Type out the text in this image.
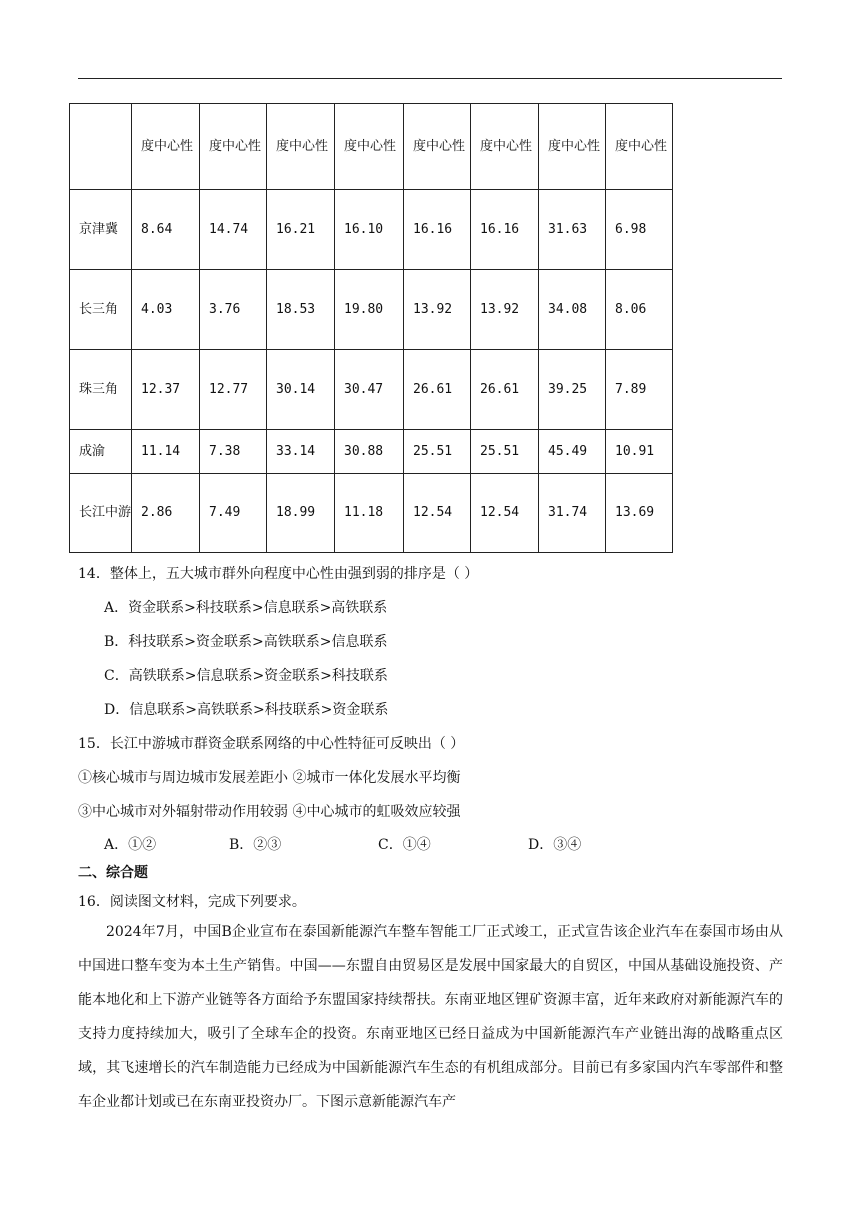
	度中心性	度中心性	度中心性	度中心性	度中心性	度中心性	度中心性	度中心性
京津冀	8.64	14.74	16.21	16.10	16.16	16.16	31.63	6.98
长三角	4.03	3.76	18.53	19.80	13.92	13.92	34.08	8.06
珠三角	12.37	12.77	30.14	30.47	26.61	26.61	39.25	7.89
成渝	11.14	7.38	33.14	30.88	25.51	25.51	45.49	10.91
长江中游	2.86	7.49	18.99	11.18	12.54	12.54	31.74	13.69
14．整体上，五大城市群外向程度中心性由强到弱的排序是（ ）
A．资金联系>科技联系>信息联系>高铁联系
B．科技联系>资金联系>高铁联系>信息联系
C．高铁联系>信息联系>资金联系>科技联系
D．信息联系>高铁联系>科技联系>资金联系
15．长江中游城市群资金联系网络的中心性特征可反映出（ ）
①核心城市与周边城市发展差距小 ②城市一体化发展水平均衡
③中心城市对外辐射带动作用较弱 ④中心城市的虹吸效应较强
A．①②	B．②③	C．①④	D．③④
二、综合题
16．阅读图文材料，完成下列要求。
2024年7月，中国B企业宣布在泰国新能源汽车整车智能工厂正式竣工，正式宣告该企业汽车在泰国市场由从中国进口整车变为本土生产销售。中国——东盟自由贸易区是发展中国家最大的自贸区，中国从基础设施投资、产能本地化和上下游产业链等各方面给予东盟国家持续帮扶。东南亚地区锂矿资源丰富，近年来政府对新能源汽车的支持力度持续加大，吸引了全球车企的投资。东南亚地区已经日益成为中国新能源汽车产业链出海的战略重点区域，其飞速增长的汽车制造能力已经成为中国新能源汽车生态的有机组成部分。目前已有多家国内汽车零部件和整车企业都计划或已在东南亚投资办厂。下图示意新能源汽车产
